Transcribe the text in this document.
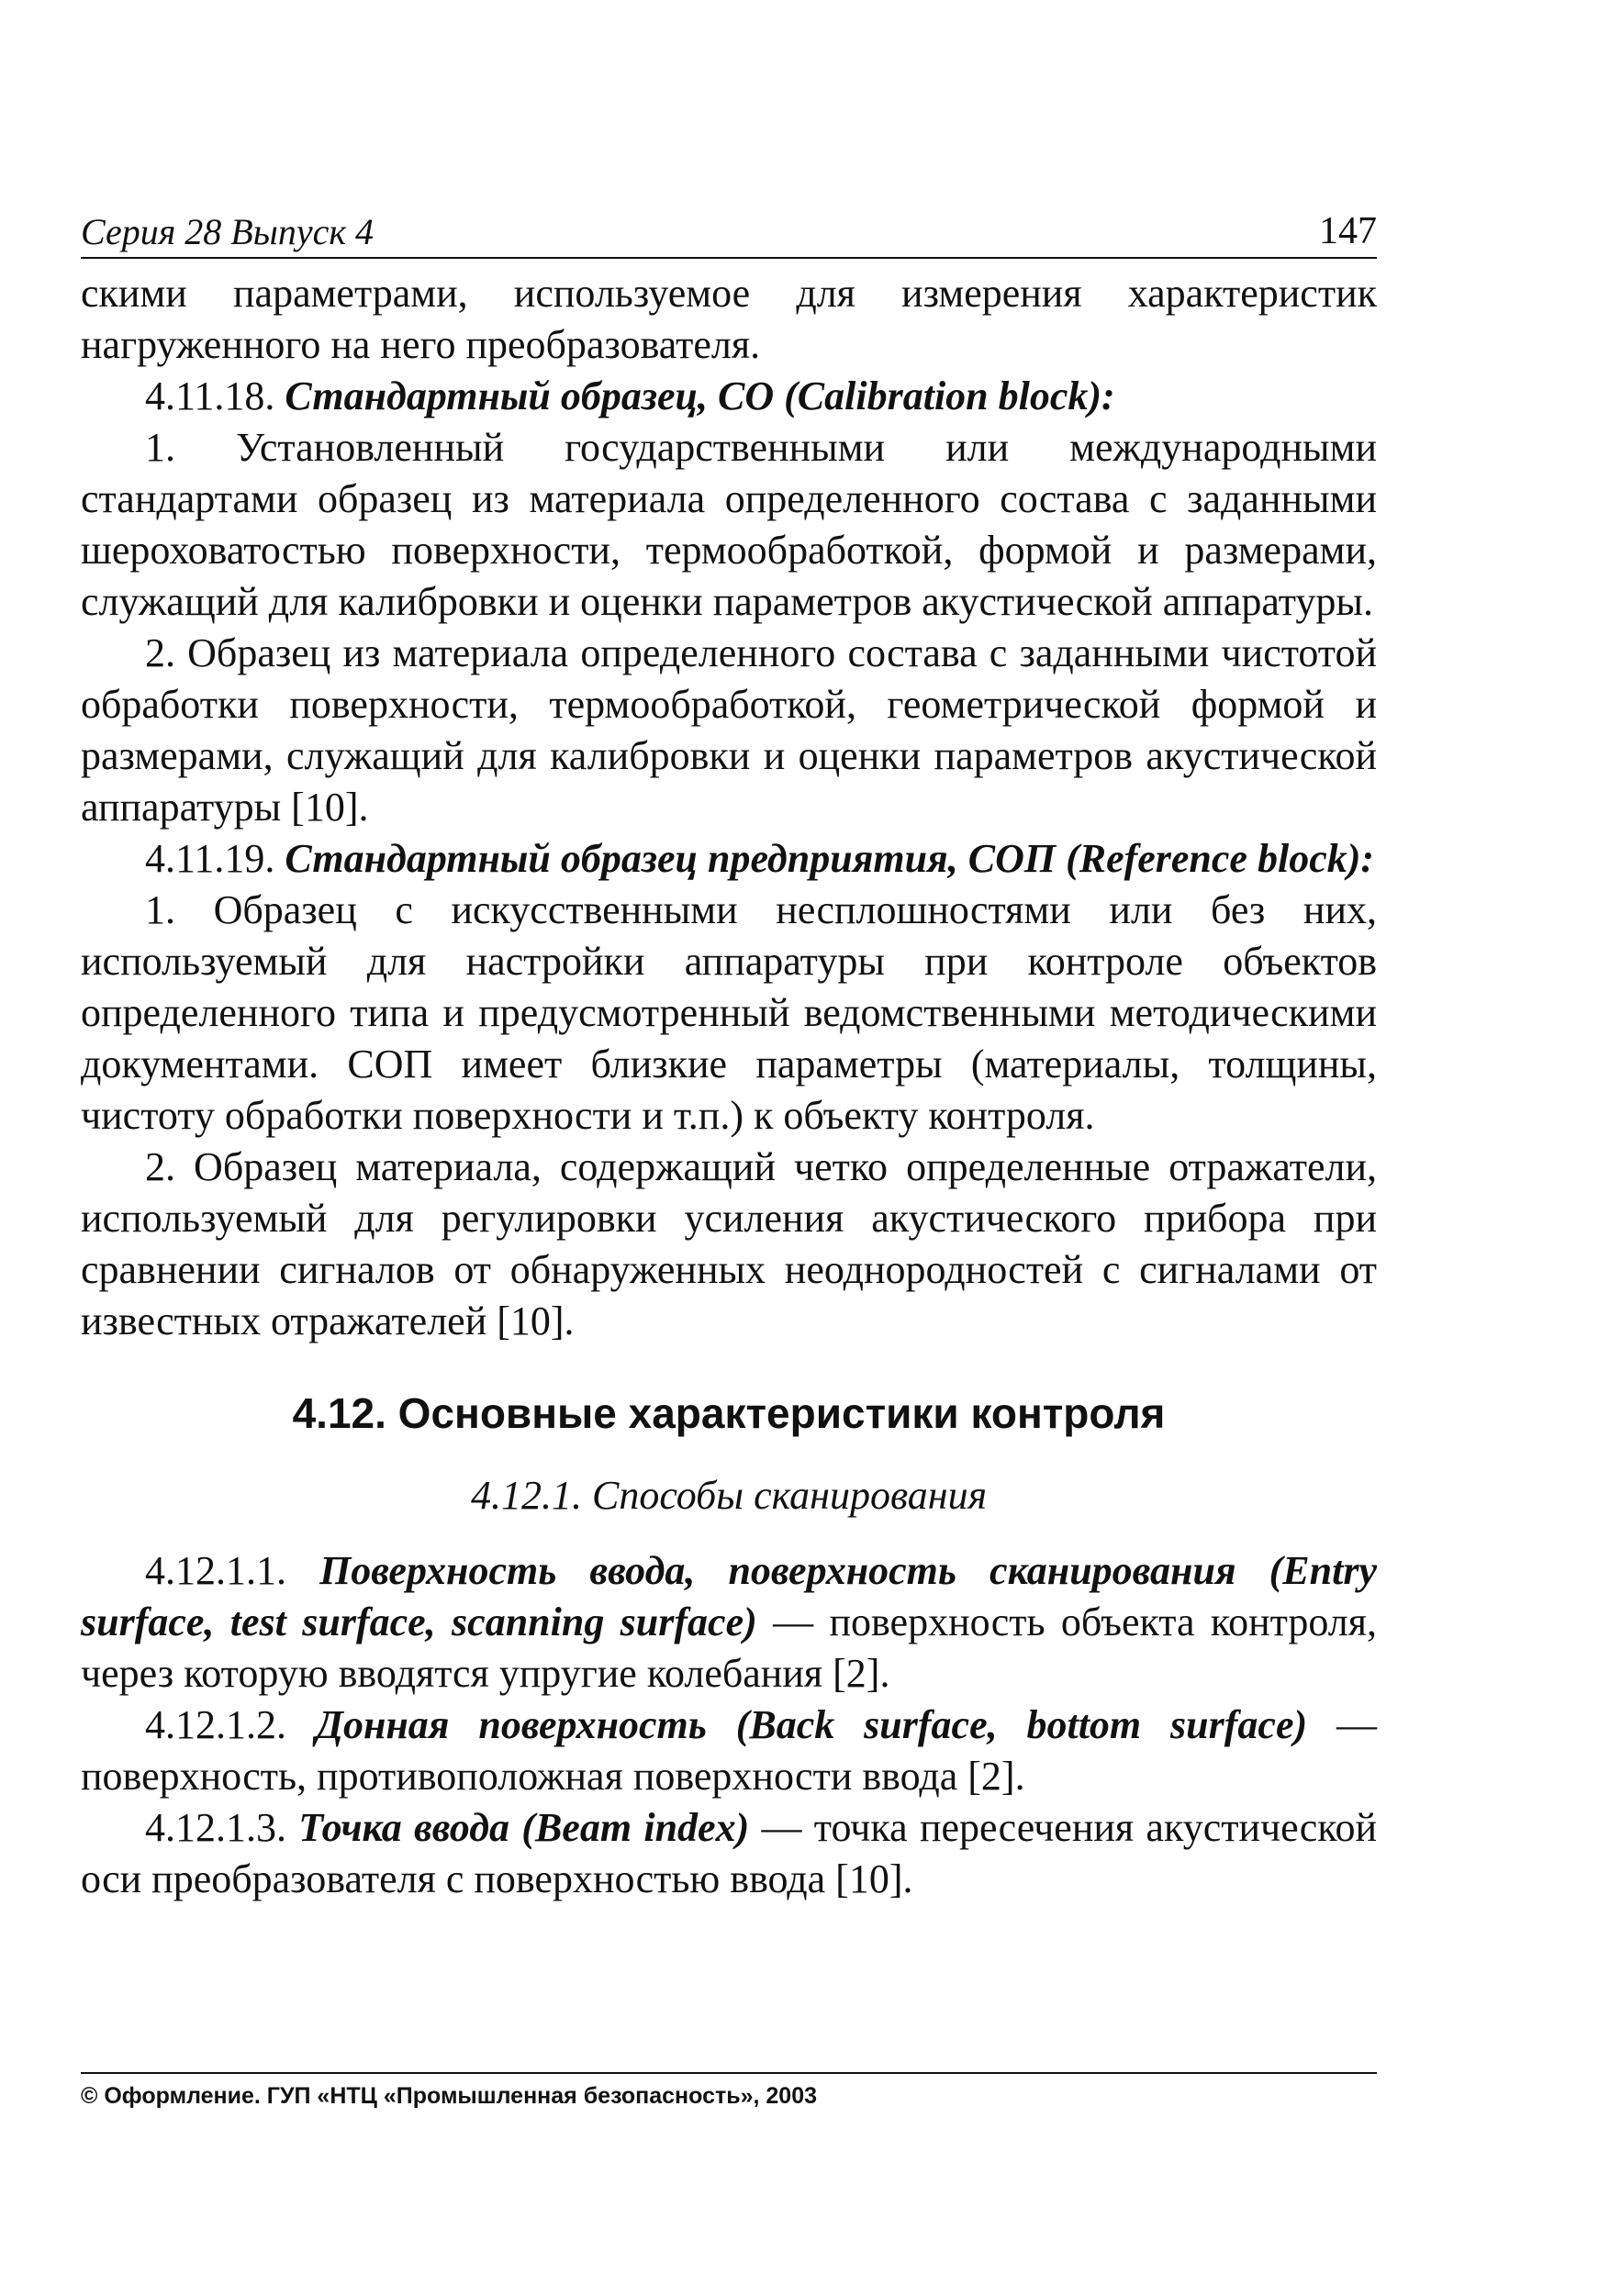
Серия 28 Выпуск 4	147

скими параметрами, используемое для измерения характеристик нагруженного на него преобразователя.

4.11.18. Стандартный образец, СО (Calibration block):

1. Установленный государственными или международными стандартами образец из материала определенного состава с заданными шероховатостью поверхности, термообработкой, формой и размерами, служащий для калибровки и оценки параметров акустической аппаратуры.

2. Образец из материала определенного состава с заданными чистотой обработки поверхности, термообработкой, геометрической формой и размерами, служащий для калибровки и оценки параметров акустической аппаратуры [10].

4.11.19. Стандартный образец предприятия, СОП (Reference block):

1. Образец с искусственными несплошностями или без них, используемый для настройки аппаратуры при контроле объектов определенного типа и предусмотренный ведомственными методическими документами. СОП имеет близкие параметры (материалы, толщины, чистоту обработки поверхности и т.п.) к объекту контроля.

2. Образец материала, содержащий четко определенные отражатели, используемый для регулировки усиления акустического прибора при сравнении сигналов от обнаруженных неоднородностей с сигналами от известных отражателей [10].

4.12. Основные характеристики контроля
4.12.1. Способы сканирования

4.12.1.1. Поверхность ввода, поверхность сканирования (Entry surface, test surface, scanning surface) — поверхность объекта контроля, через которую вводятся упругие колебания [2].

4.12.1.2. Донная поверхность (Back surface, bottom surface) — поверхность, противоположная поверхности ввода [2].

4.12.1.3. Точка ввода (Beam index) — точка пересечения акустической оси преобразователя с поверхностью ввода [10].

© Оформление. ГУП «НТЦ «Промышленная безопасность», 2003
